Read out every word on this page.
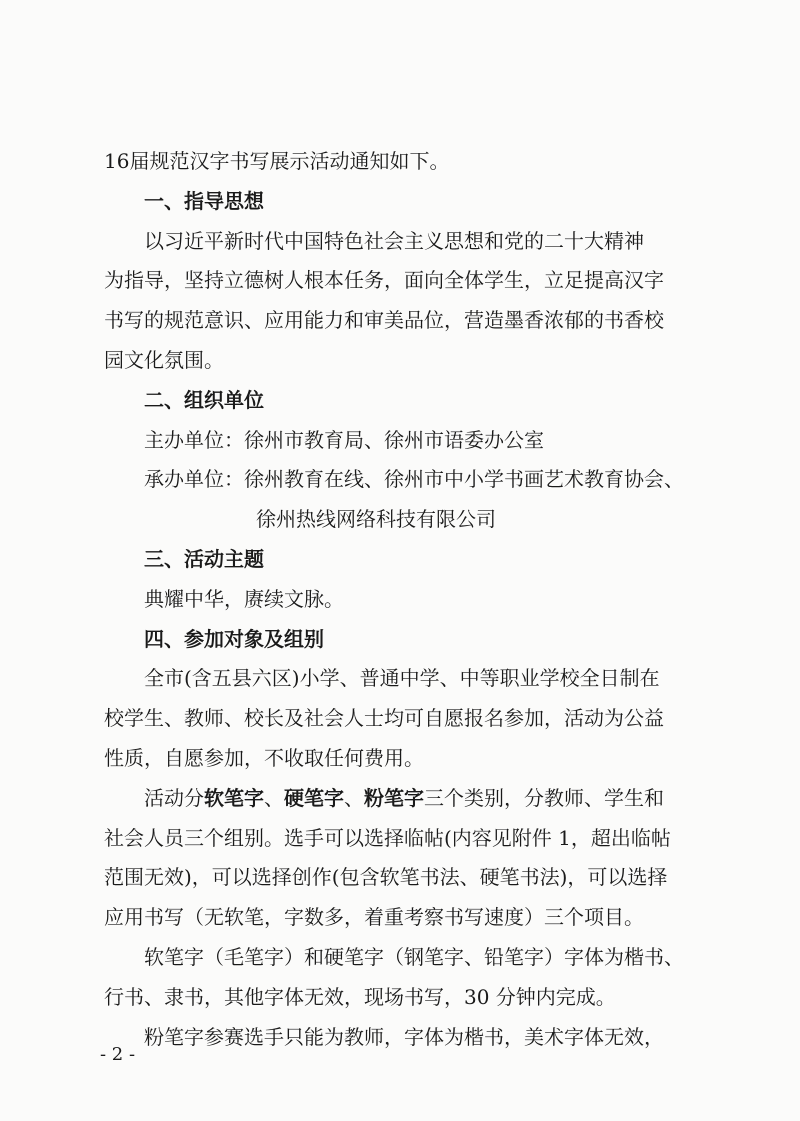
16届规范汉字书写展示活动通知如下。
一、指导思想
以习近平新时代中国特色社会主义思想和党的二十大精神
为指导，坚持立德树人根本任务，面向全体学生，立足提高汉字
书写的规范意识、应用能力和审美品位，营造墨香浓郁的书香校
园文化氛围。
二、组织单位
主办单位：徐州市教育局、徐州市语委办公室
承办单位：徐州教育在线、徐州市中小学书画艺术教育协会、
徐州热线网络科技有限公司
三、活动主题
典耀中华，赓续文脉。
四、参加对象及组别
全市(含五县六区)小学、普通中学、中等职业学校全日制在
校学生、教师、校长及社会人士均可自愿报名参加，活动为公益
性质，自愿参加，不收取任何费用。
活动分软笔字、硬笔字、粉笔字三个类别，分教师、学生和
社会人员三个组别。选手可以选择临帖(内容见附件 1，超出临帖
范围无效)，可以选择创作(包含软笔书法、硬笔书法)，可以选择
应用书写（无软笔，字数多，着重考察书写速度）三个项目。
软笔字（毛笔字）和硬笔字（钢笔字、铅笔字）字体为楷书、
行书、隶书，其他字体无效，现场书写，30 分钟内完成。
粉笔字参赛选手只能为教师，字体为楷书，美术字体无效，
- 2 -
